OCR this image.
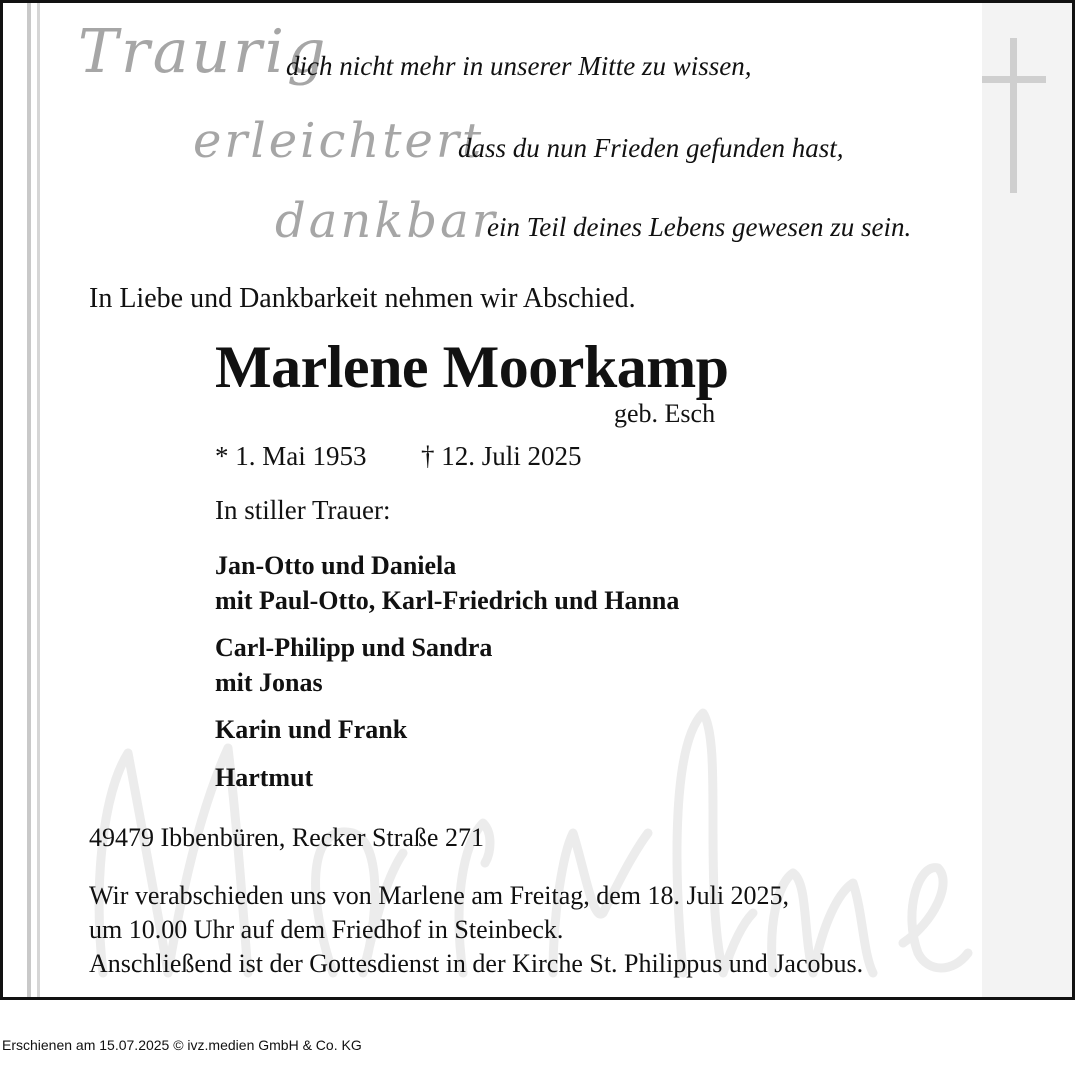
Traurig
dich nicht mehr in unserer Mitte zu wissen,
erleichtert
dass du nun Frieden gefunden hast,
dankbar
ein Teil deines Lebens gewesen zu sein.
In Liebe und Dankbarkeit nehmen wir Abschied.
Marlene Moorkamp
geb. Esch
* 1. Mai 1953 † 12. Juli 2025
In stiller Trauer:
Jan-Otto und Daniela
mit Paul-Otto, Karl-Friedrich und Hanna
Carl-Philipp und Sandra
mit Jonas
Karin und Frank
Hartmut
49479 Ibbenbüren, Recker Straße 271
Wir verabschieden uns von Marlene am Freitag, dem 18. Juli 2025,
um 10.00 Uhr auf dem Friedhof in Steinbeck.
Anschließend ist der Gottesdienst in der Kirche St. Philippus und Jacobus.
Erschienen am 15.07.2025 © ivz.medien GmbH & Co. KG
